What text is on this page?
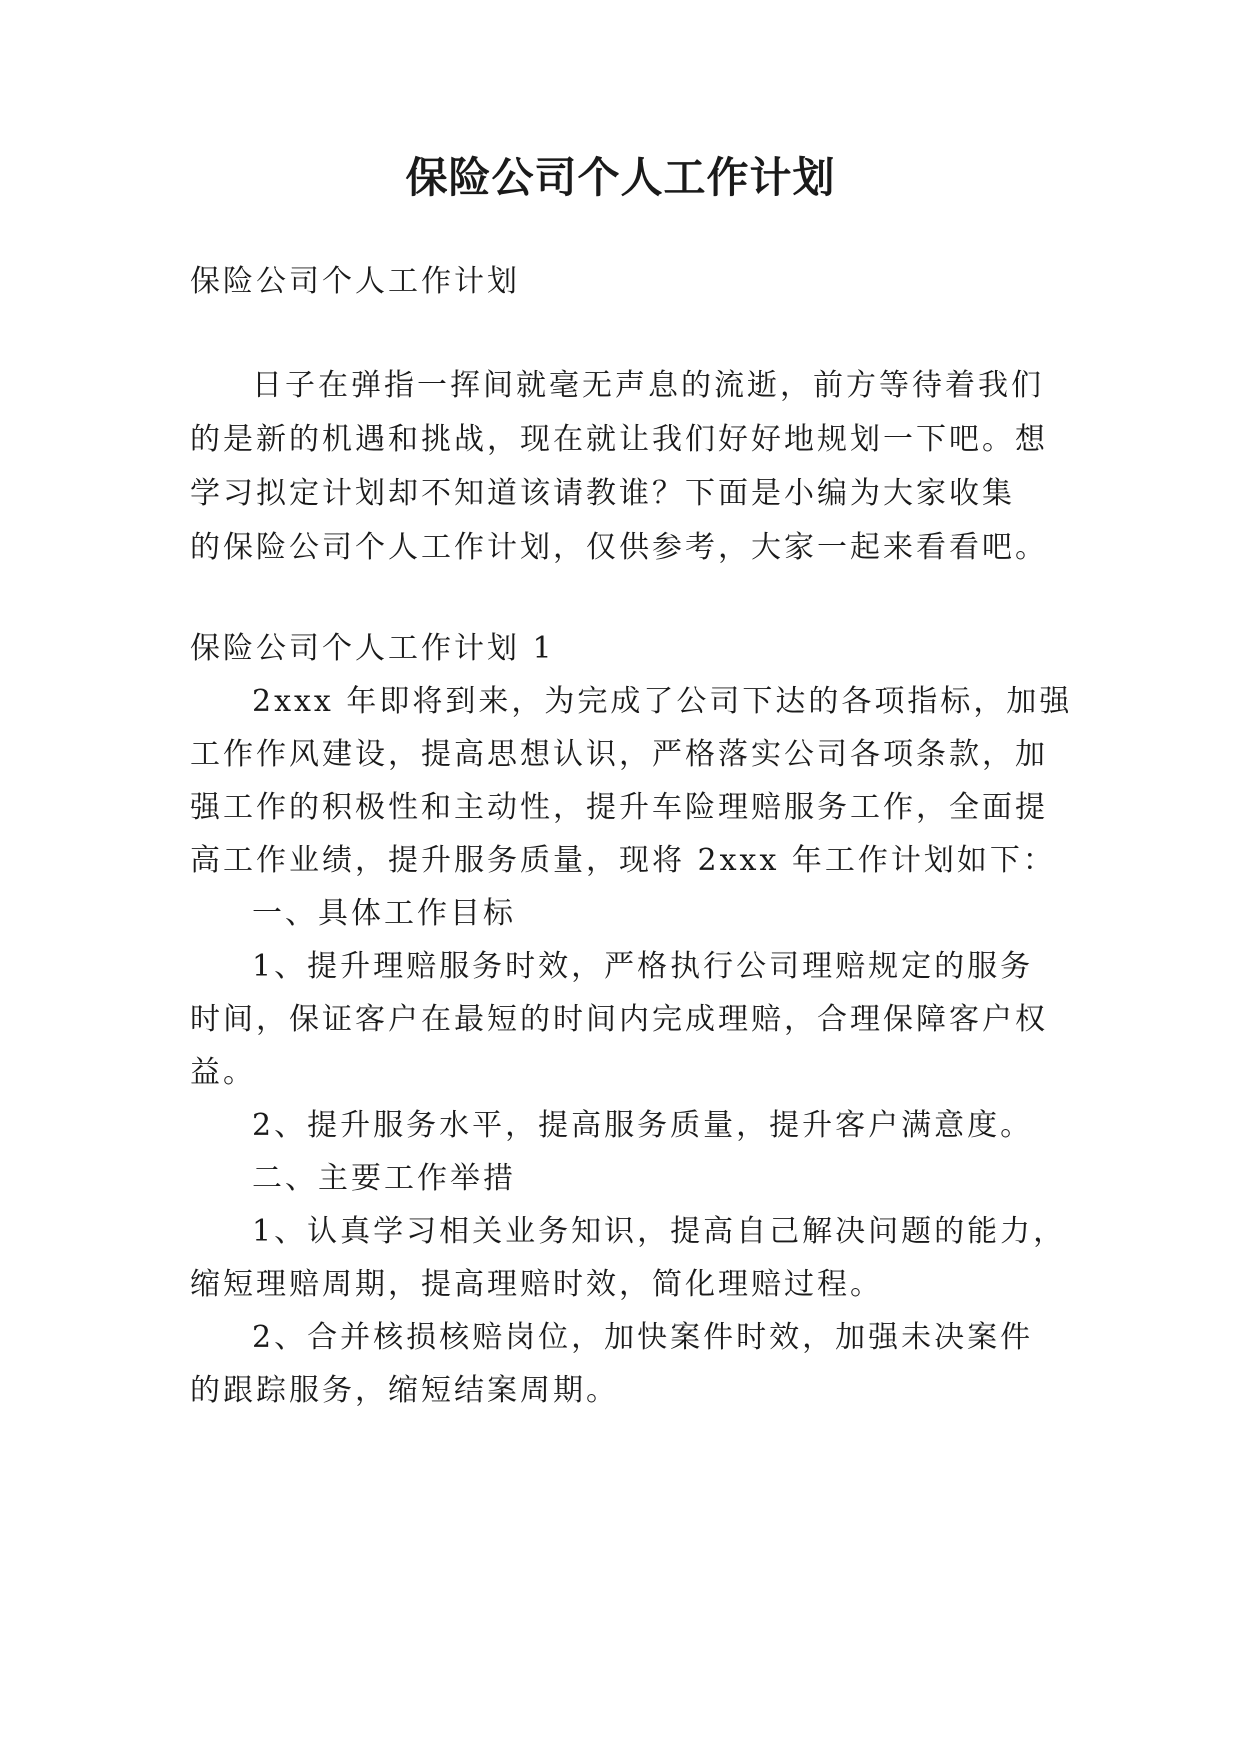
保险公司个人工作计划
保险公司个人工作计划
日子在弹指一挥间就毫无声息的流逝，前方等待着我们
的是新的机遇和挑战，现在就让我们好好地规划一下吧。想
学习拟定计划却不知道该请教谁？下面是小编为大家收集
的保险公司个人工作计划，仅供参考，大家一起来看看吧。
保险公司个人工作计划 1
2xxx 年即将到来，为完成了公司下达的各项指标，加强
工作作风建设，提高思想认识，严格落实公司各项条款，加
强工作的积极性和主动性，提升车险理赔服务工作，全面提
高工作业绩，提升服务质量，现将 2xxx 年工作计划如下：
一、具体工作目标
1、提升理赔服务时效，严格执行公司理赔规定的服务
时间，保证客户在最短的时间内完成理赔，合理保障客户权
益。
2、提升服务水平，提高服务质量，提升客户满意度。
二、主要工作举措
1、认真学习相关业务知识，提高自己解决问题的能力，
缩短理赔周期，提高理赔时效，简化理赔过程。
2、合并核损核赔岗位，加快案件时效，加强未决案件
的跟踪服务，缩短结案周期。
